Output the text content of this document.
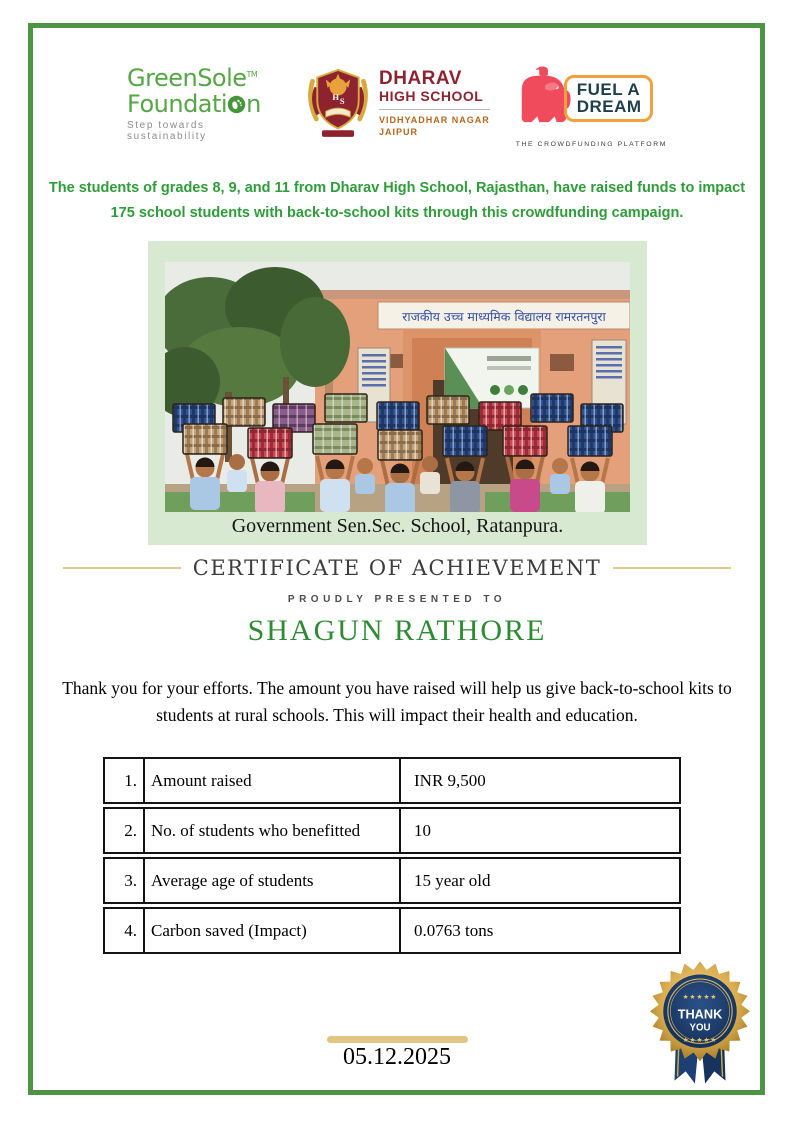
GreenSole™
Foundati n
Step towards sustainability
H S
DHARAV
HIGH SCHOOL
VIDHYADHAR NAGAR
JAIPUR
FUEL A
DREAM
THE CROWDFUNDING PLATFORM
The students of grades 8, 9, and 11 from Dharav High School, Rajasthan, have raised funds to impact 175 school students with back-to-school kits through this crowdfunding campaign.
राजकीय उच्च माध्यमिक विद्यालय रामरतनपुरा
Government Sen.Sec. School, Ratanpura.
CERTIFICATE OF ACHIEVEMENT
PROUDLY PRESENTED TO
SHAGUN RATHORE
Thank you for your efforts. The amount you have raised will help us give back-to-school kits to students at rural schools. This will impact their health and education.
1. Amount raised	INR 9,500
2. No. of students who benefitted	10
3. Average age of students	15 year old
4. Carbon saved (Impact)	0.0763 tons
★★★★★
THANK
YOU
★★★★★
05.12.2025
